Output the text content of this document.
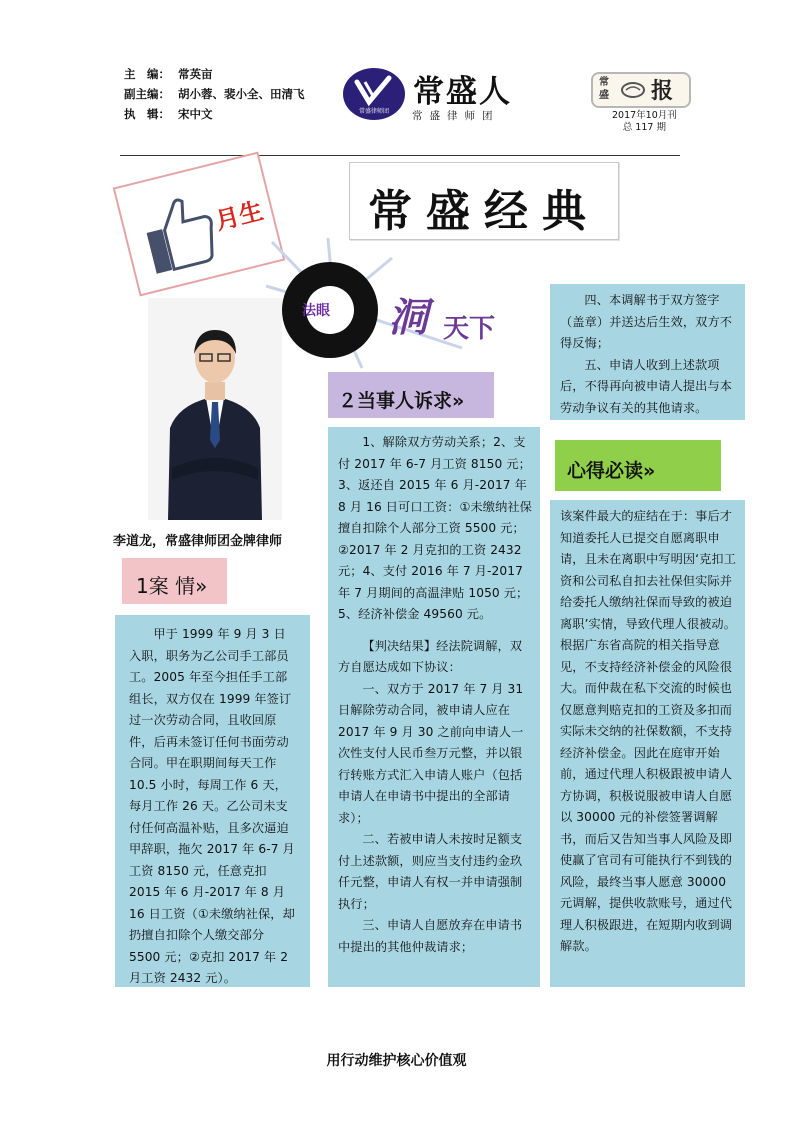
主　编： 常英亩
副主编： 胡小蓉、裴小全、田清飞
执　辑： 宋中文	常盛律师团
常盛人
常盛律师团
常盛 报
2017年10月刊
总 117 期
月生	常盛经典
法眼 洞 天下
李道龙，常盛律师团金牌律师
1案 情»

甲于 1999 年 9 月 3 日入职，职务为乙公司手工部员工。2005 年至今担任手工部组长，双方仅在 1999 年签订过一次劳动合同，且收回原件，后再未签订任何书面劳动合同。甲在职期间每天工作 10.5 小时，每周工作 6 天，每月工作 26 天。乙公司未支付任何高温补贴，且多次逼迫甲辞职，拖欠 2017 年 6-7 月工资 8150 元，任意克扣 2015 年 6 月-2017 年 8 月 16 日工资（①未缴纳社保，却扔擅自扣除个人缴交部分 5500 元；②克扣 2017 年 2 月工资 2432 元）。

２当事人诉求»

1、解除双方劳动关系；2、支付 2017 年 6-7 月工资 8150 元；3、返还自 2015 年 6 月-2017 年 8 月 16 日可口工资：①未缴纳社保擅自扣除个人部分工资 5500 元；②2017 年 2 月克扣的工资 2432 元；4、支付 2016 年 7 月-2017 年 7 月期间的高温津贴 1050 元；5、经济补偿金 49560 元。

【判决结果】经法院调解，双方自愿达成如下协议：

一、双方于 2017 年 7 月 31 日解除劳动合同，被申请人应在 2017 年 9 月 30 之前向申请人一次性支付人民币叁万元整，并以银行转账方式汇入申请人账户（包括申请人在申请书中提出的全部请求）；

二、若被申请人未按时足额支付上述款额，则应当支付违约金玖仟元整，申请人有权一并申请强制执行；

三、申请人自愿放弃在申请书中提出的其他仲裁请求；

四、本调解书于双方签字（盖章）并送达后生效，双方不得反悔；

五、申请人收到上述款项后，不得再向被申请人提出与本劳动争议有关的其他请求。

心得必读»

该案件最大的症结在于：事后才知道委托人已提交自愿离职申请，且未在离职中写明因‘克扣工资和公司私自扣去社保但实际并给委托人缴纳社保而导致的被迫离职’实情，导致代理人很被动。根据广东省高院的相关指导意见，不支持经济补偿金的风险很大。而仲裁在私下交流的时候也仅愿意判赔克扣的工资及多扣而实际未交纳的社保数额，不支持经济补偿金。因此在庭审开始前，通过代理人积极跟被申请人方协调，积极说服被申请人自愿以 30000 元的补偿签署调解书，而后又告知当事人风险及即使赢了官司有可能执行不到钱的风险，最终当事人愿意 30000 元调解，提供收款账号，通过代理人积极跟进，在短期内收到调解款。

用行动维护核心价值观
